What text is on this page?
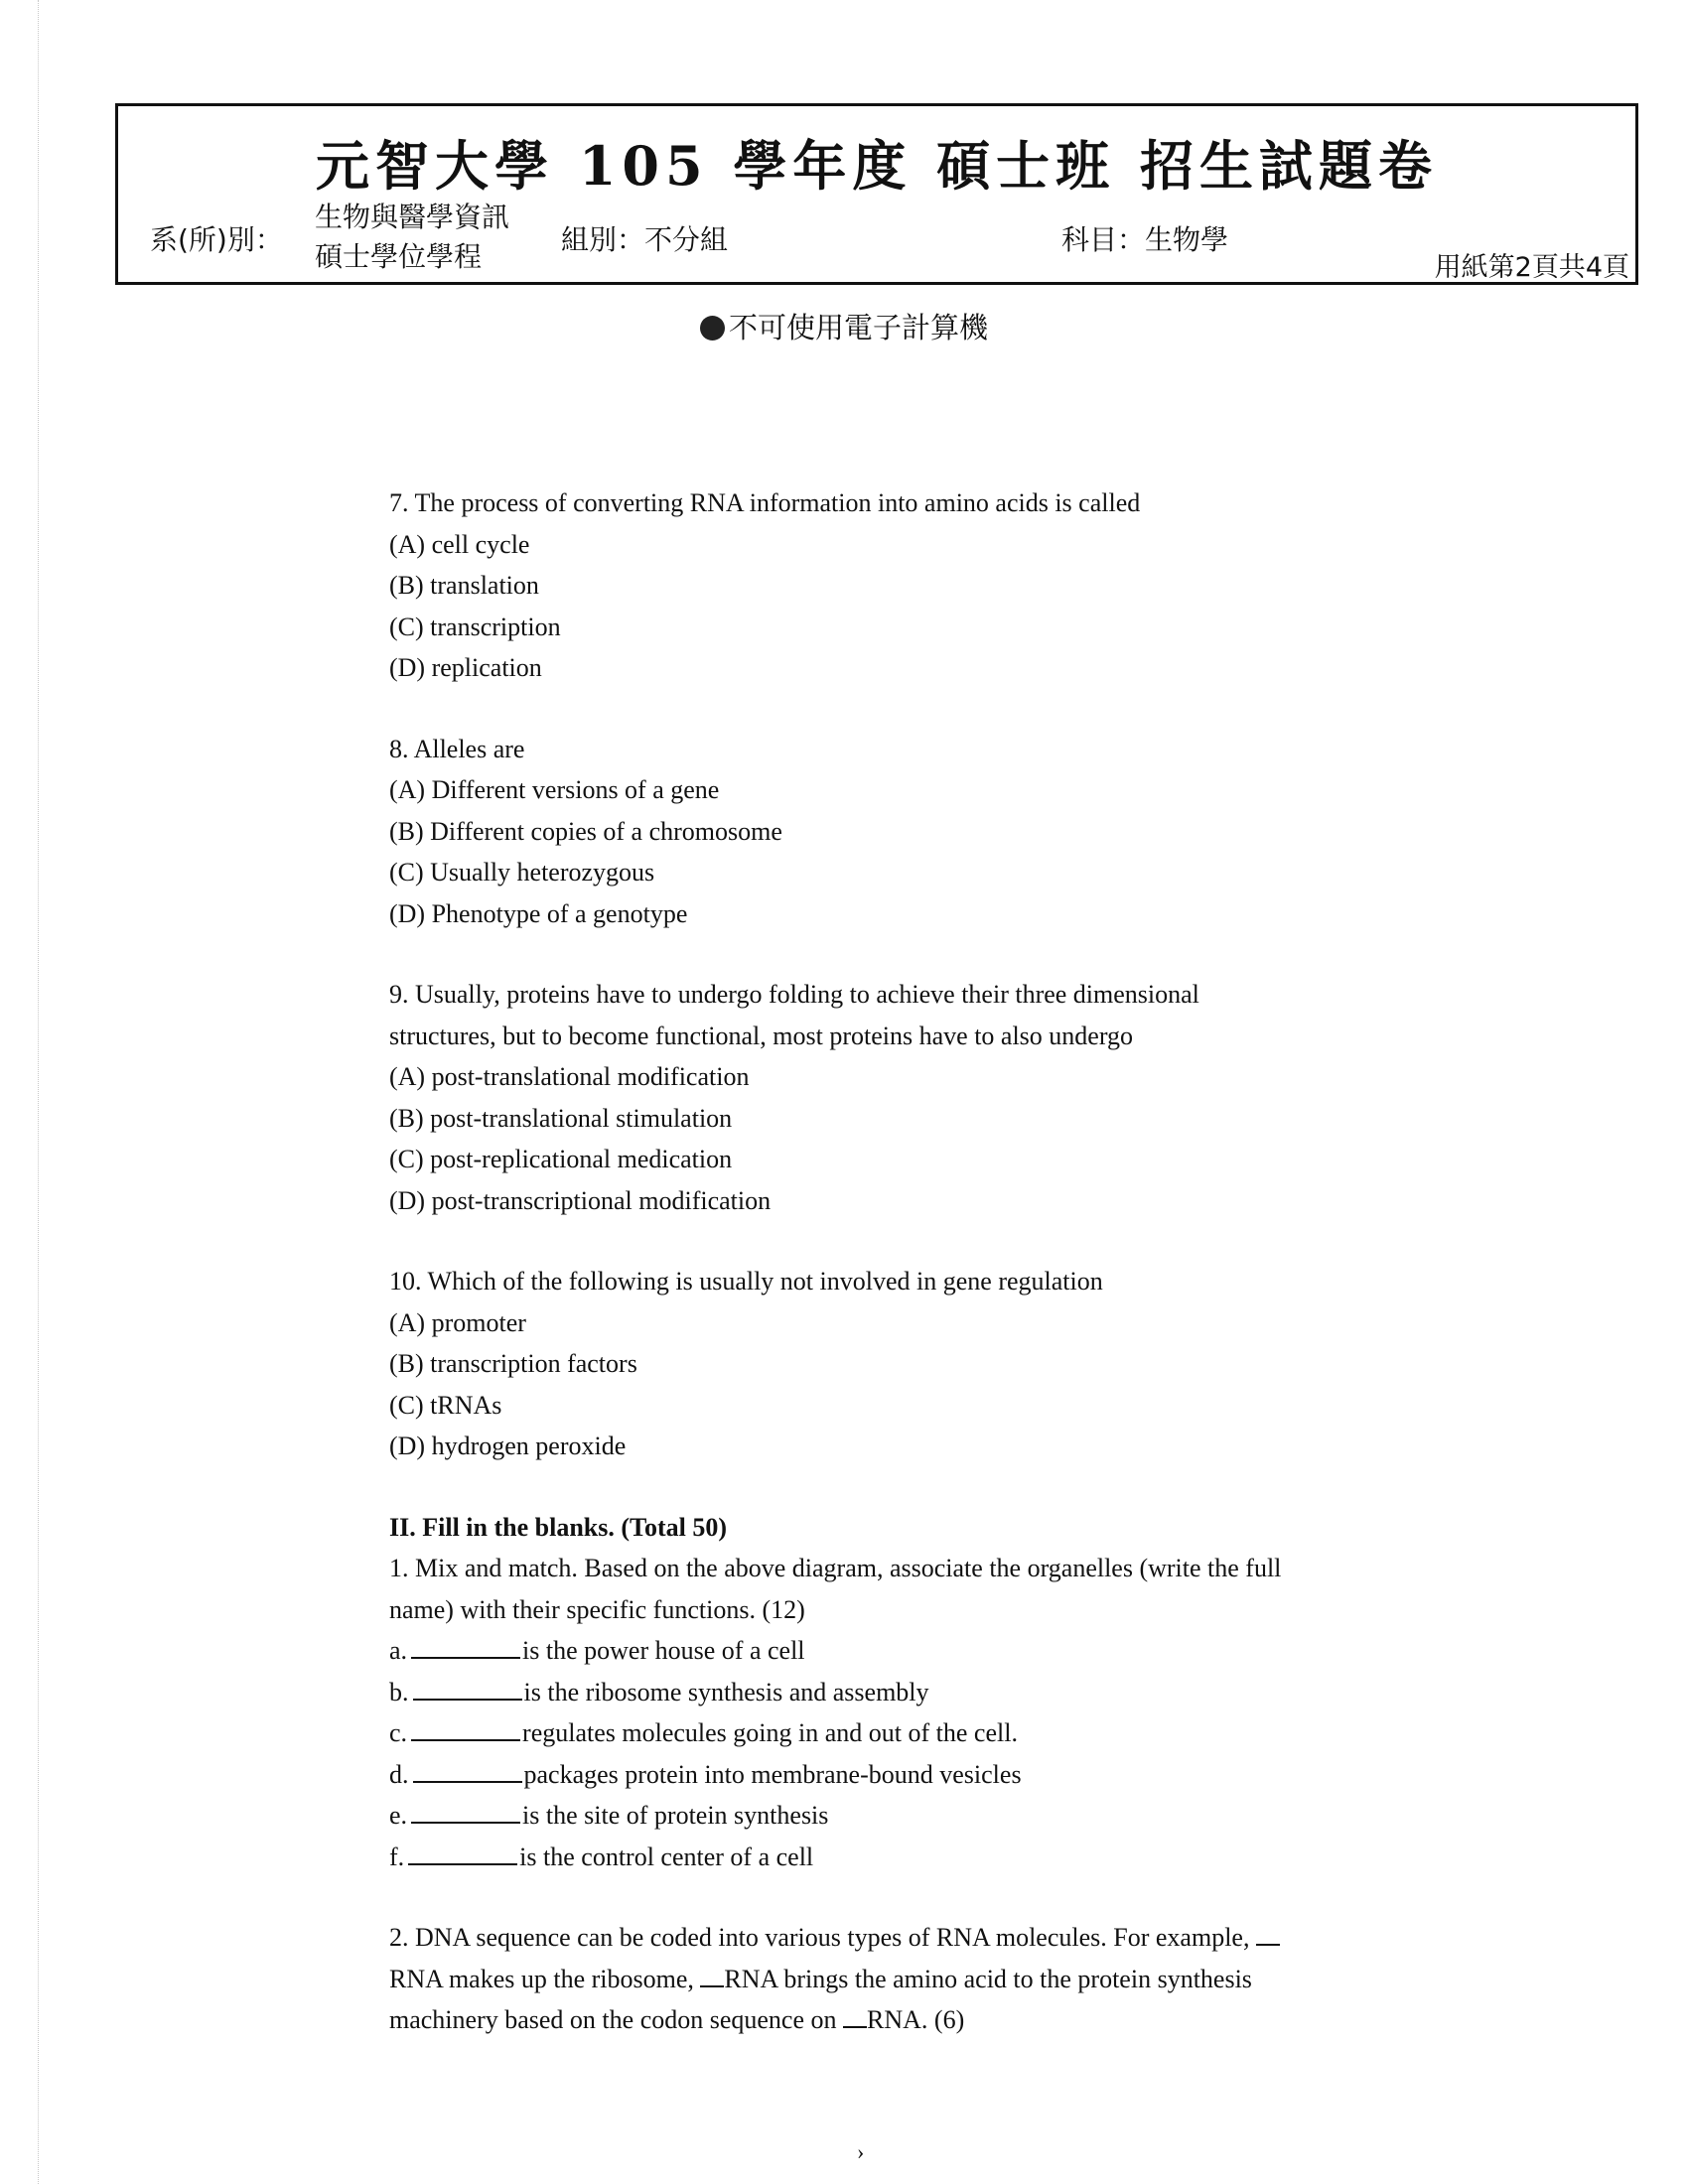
元智大學 105 學年度 碩士班 招生試題卷
系(所)別：
生物與醫學資訊
碩士學位學程
組別：不分組	科目：生物學
用紙第2頁共4頁
不可使用電子計算機
7. The process of converting RNA information into amino acids is called
(A) cell cycle
(B) translation
(C) transcription
(D) replication
8. Alleles are
(A) Different versions of a gene
(B) Different copies of a chromosome
(C) Usually heterozygous
(D) Phenotype of a genotype
9. Usually, proteins have to undergo folding to achieve their three dimensional structures, but to become functional, most proteins have to also undergo
(A) post-translational modification
(B) post-translational stimulation
(C) post-replicational medication
(D) post-transcriptional modification
10. Which of the following is usually not involved in gene regulation
(A) promoter
(B) transcription factors
(C) tRNAs
(D) hydrogen peroxide
II. Fill in the blanks. (Total 50)
1. Mix and match. Based on the above diagram, associate the organelles (write the full name) with their specific functions. (12)
a.	is the power house of a cell
b.	is the ribosome synthesis and assembly
c.	regulates molecules going in and out of the cell.
d.	packages protein into membrane-bound vesicles
e.	is the site of protein synthesis
f.	is the control center of a cell
2. DNA sequence can be coded into various types of RNA molecules. For example, RNA makes up the ribosome, RNA brings the amino acid to the protein synthesis machinery based on the codon sequence on RNA. (6)
›
